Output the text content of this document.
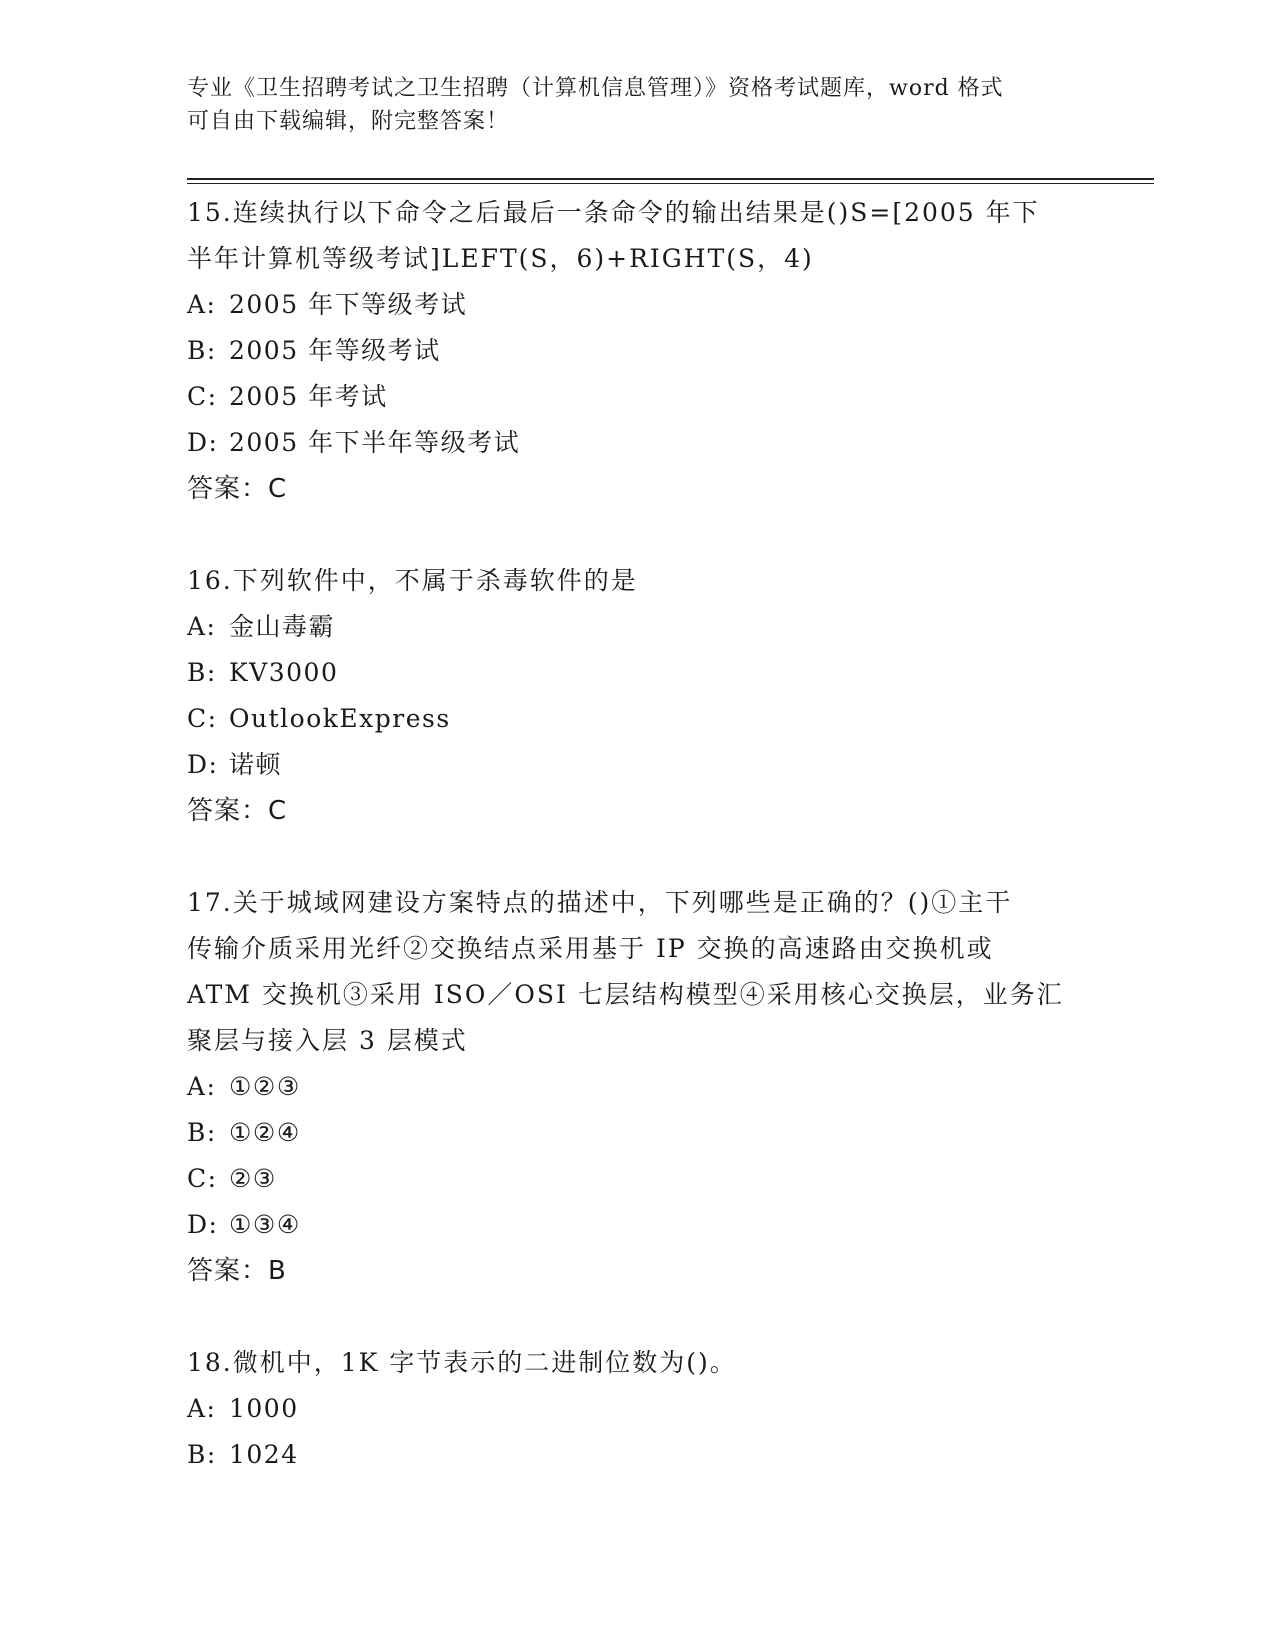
专业《卫生招聘考试之卫生招聘（计算机信息管理）》资格考试题库，word 格式
可自由下载编辑，附完整答案！
15.连续执行以下命令之后最后一条命令的输出结果是()S=[2005 年下
半年计算机等级考试]LEFT(S，6)+RIGHT(S，4)
A: 2005 年下等级考试
B: 2005 年等级考试
C: 2005 年考试
D: 2005 年下半年等级考试
答案：C
16.下列软件中，不属于杀毒软件的是
A: 金山毒霸
B: KV3000
C: OutlookExpress
D: 诺顿
答案：C
17.关于城域网建设方案特点的描述中，下列哪些是正确的？()①主干
传输介质采用光纤②交换结点采用基于 IP 交换的高速路由交换机或
ATM 交换机③采用 ISO／OSI 七层结构模型④采用核心交换层，业务汇
聚层与接入层 3 层模式
A: ①②③
B: ①②④
C: ②③
D: ①③④
答案：B
18.微机中，1K 字节表示的二进制位数为()。
A: 1000
B: 1024
